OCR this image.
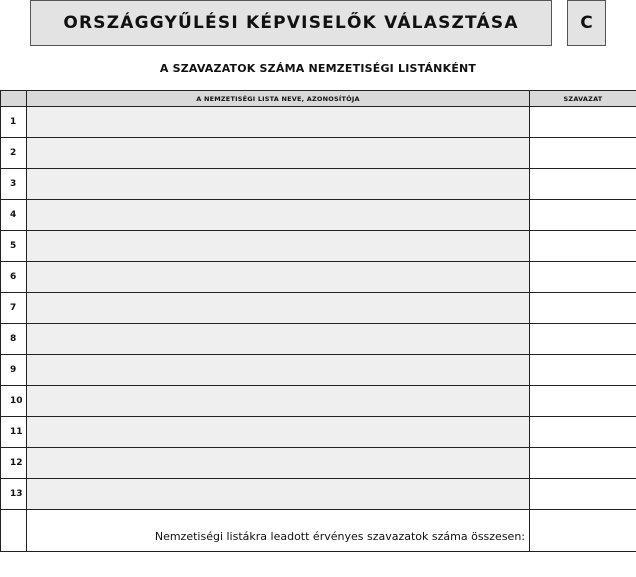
ORSZÁGGYŰLÉSI KÉPVISELŐK VÁLASZTÁSA	C
A SZAVAZATOK SZÁMA NEMZETISÉGI LISTÁNKÉNT
	A NEMZETISÉGI LISTA NEVE, AZONOSÍTÓJA	SZAVAZAT
1		
2		
3		
4		
5		
6		
7		
8		
9		
10		
11		
12		
13		
	Nemzetiségi listákra leadott érvényes szavazatok száma összesen:	
